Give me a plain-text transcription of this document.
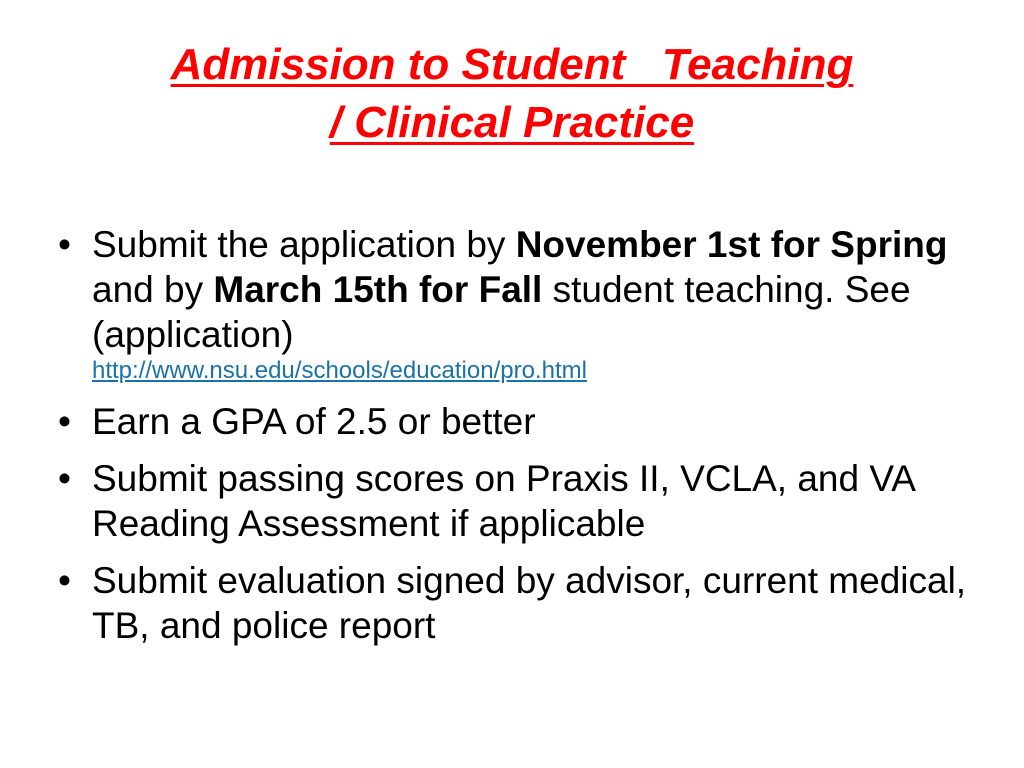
Admission to Student   Teaching
/ Clinical Practice
• Submit the application by November 1st for Spring and by March 15th for Fall student teaching. See (application)
http://www.nsu.edu/schools/education/pro.html
• Earn a GPA of 2.5 or better
• Submit passing scores on Praxis II, VCLA, and VA Reading Assessment if applicable
• Submit evaluation signed by advisor, current medical, TB, and police report
